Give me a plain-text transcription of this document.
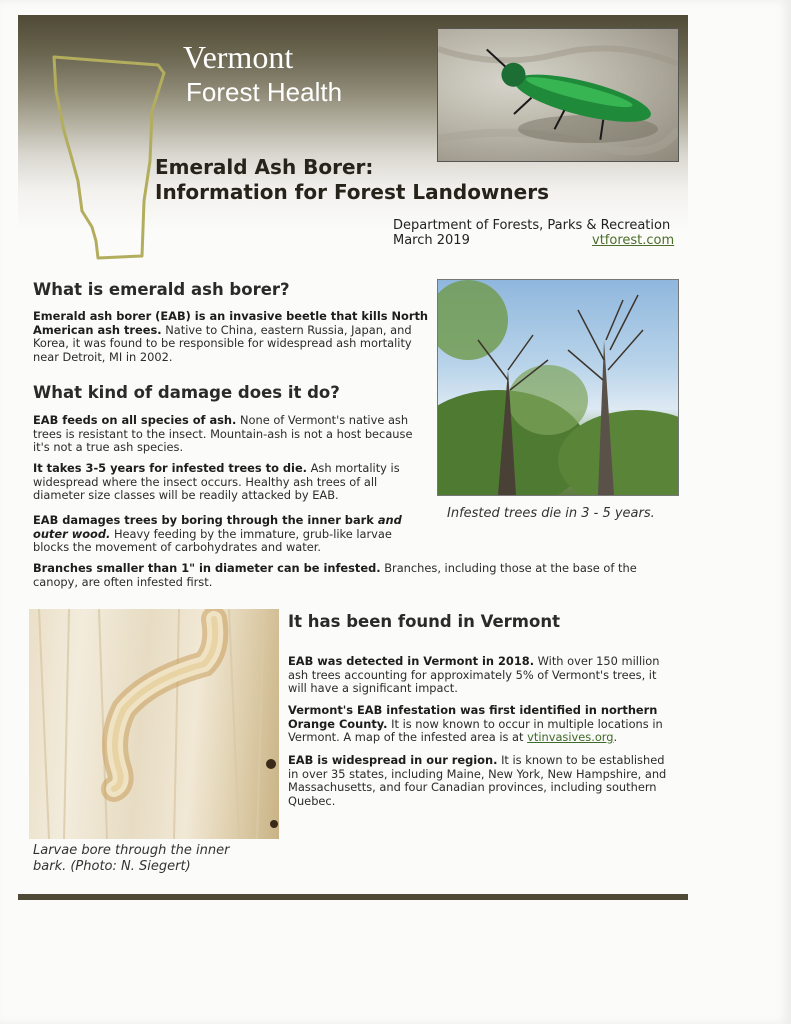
Vermont
Forest Health
Emerald Ash Borer:
Information for Forest Landowners
Department of Forests, Parks & Recreation
March 2019	vtforest.com
What is emerald ash borer?

Emerald ash borer (EAB) is an invasive beetle that kills North American ash trees. Native to China, eastern Russia, Japan, and Korea, it was found to be responsible for widespread ash mortality near Detroit, MI in 2002.

Infested trees die in 3 - 5 years.
What kind of damage does it do?

EAB feeds on all species of ash. None of Vermont's native ash trees is resistant to the insect. Mountain-ash is not a host because it's not a true ash species.

It takes 3-5 years for infested trees to die. Ash mortality is widespread where the insect occurs. Healthy ash trees of all diameter size classes will be readily attacked by EAB.

EAB damages trees by boring through the inner bark and outer wood. Heavy feeding by the immature, grub-like larvae blocks the movement of carbohydrates and water.

Branches smaller than 1" in diameter can be infested. Branches, including those at the base of the canopy, are often infested first.

Larvae bore through the inner
bark. (Photo: N. Siegert)
It has been found in Vermont

EAB was detected in Vermont in 2018. With over 150 million ash trees accounting for approximately 5% of Vermont's trees, it will have a significant impact.

Vermont's EAB infestation was first identified in northern Orange County. It is now known to occur in multiple locations in Vermont. A map of the infested area is at vtinvasives.org.

EAB is widespread in our region. It is known to be established in over 35 states, including Maine, New York, New Hampshire, and Massachusetts, and four Canadian provinces, including southern Quebec.
